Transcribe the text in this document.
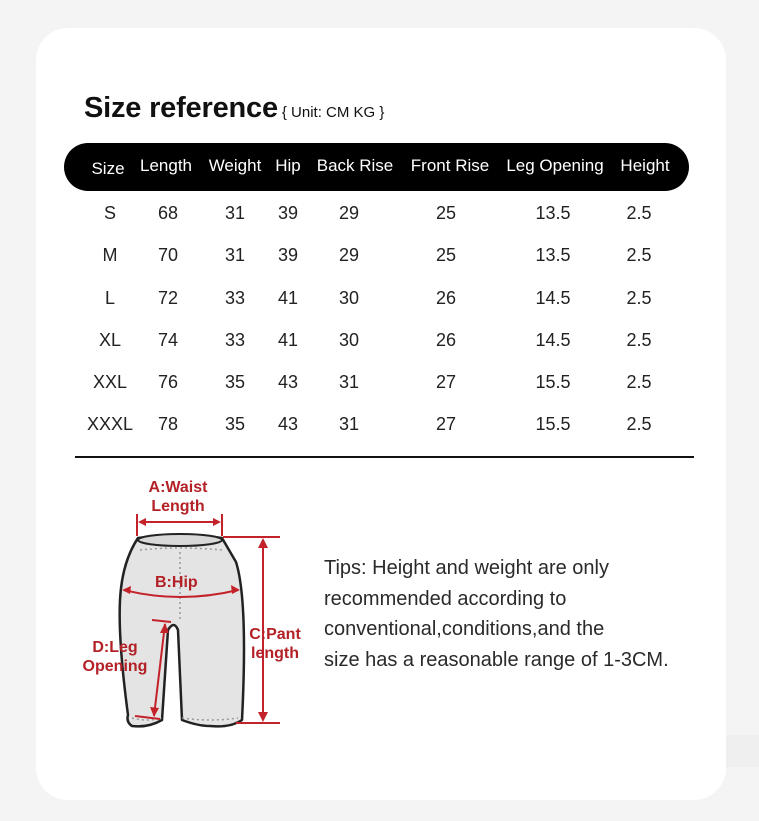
Size reference { Unit: CM KG }
Size Length Weight Hip Back Rise Front Rise Leg Opening Height
S 68	31 39 29	25	13.5	2.5
M 70	31 39 29	25	13.5	2.5
L 72	33 41 30	26	14.5	2.5
XL 74	33 41 30	26	14.5	2.5
XXL 76	35 43 31	27	15.5	2.5
XXXL 78	35 43 31	27	15.5	2.5
A:Waist
Length
B:Hip
C:Pant
length
D:Leg
Opening
Tips: Height and weight are only
recommended according to
conventional,conditions,and the
size has a reasonable range of 1-3CM.
